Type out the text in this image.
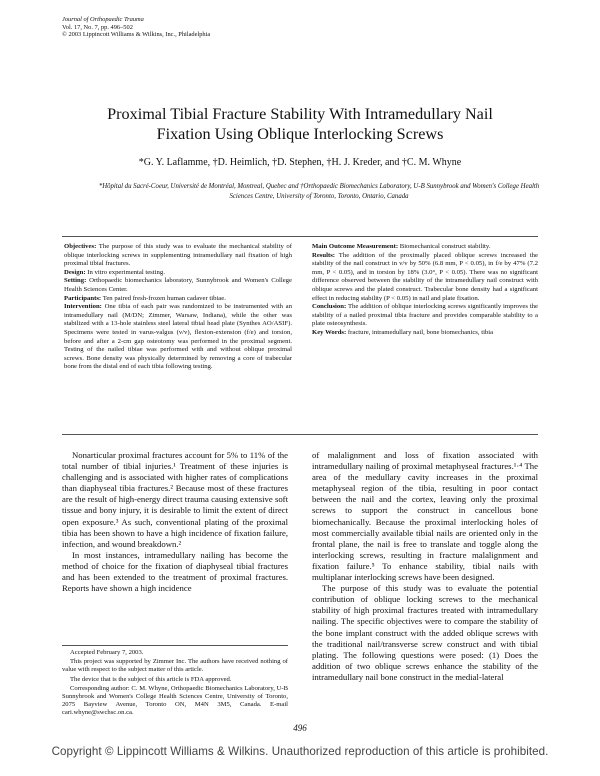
Journal of Orthopaedic Trauma
Vol. 17, No. 7, pp. 496–502
© 2003 Lippincott Williams & Wilkins, Inc., Philadelphia
Proximal Tibial Fracture Stability With Intramedullary Nail
Fixation Using Oblique Interlocking Screws
*G. Y. Laflamme, †D. Heimlich, †D. Stephen, †H. J. Kreder, and †C. M. Whyne
*Hôpital du Sacré-Coeur, Université de Montréal, Montreal, Quebec and †Orthopaedic Biomechanics Laboratory, U-B Sunnybrook and Women's College Health Sciences Centre, University of Toronto, Toronto, Ontario, Canada

Objectives: The purpose of this study was to evaluate the mechanical stability of oblique interlocking screws in supplementing intramedullary nail fixation of high proximal tibial fractures.

Design: In vitro experimental testing.

Setting: Orthopaedic biomechanics laboratory, Sunnybrook and Women's College Health Sciences Center.

Participants: Ten paired fresh-frozen human cadaver tibiae.

Intervention: One tibia of each pair was randomized to be instrumented with an intramedullary nail (M/DN; Zimmer, Warsaw, Indiana), while the other was stabilized with a 13-hole stainless steel lateral tibial head plate (Synthes AO/ASIF). Specimens were tested in varus-valgus (v/v), flexion-extension (f/e) and torsion, before and after a 2-cm gap osteotomy was performed in the proximal segment. Testing of the nailed tibiae was performed with and without oblique proximal screws. Bone density was physically determined by removing a core of trabecular bone from the distal end of each tibia following testing.

Main Outcome Measurement: Biomechanical construct stability.

Results: The addition of the proximally placed oblique screws increased the stability of the nail construct in v/v by 50% (6.8 mm, P < 0.05), in f/e by 47% (7.2 mm, P < 0.05), and in torsion by 18% (3.0°, P < 0.05). There was no significant difference observed between the stability of the intramedullary nail construct with oblique screws and the plated construct. Trabecular bone density had a significant effect in reducing stability (P < 0.05) in nail and plate fixation.

Conclusion: The addition of oblique interlocking screws significantly improves the stability of a nailed proximal tibia fracture and provides comparable stability to a plate osteosynthesis.

Key Words: fracture, intramedullary nail, bone biomechanics, tibia

Nonarticular proximal fractures account for 5% to 11% of the total number of tibial injuries.¹ Treatment of these injuries is challenging and is associated with higher rates of complications than diaphyseal tibia fractures.² Because most of these fractures are the result of high-energy direct trauma causing extensive soft tissue and bony injury, it is desirable to limit the extent of direct open exposure.³ As such, conventional plating of the proximal tibia has been shown to have a high incidence of fixation failure, infection, and wound breakdown.²

In most instances, intramedullary nailing has become the method of choice for the fixation of diaphyseal tibial fractures and has been extended to the treatment of proximal fractures. Reports have shown a high incidence

of malalignment and loss of fixation associated with intramedullary nailing of proximal metaphyseal fractures.¹·⁴ The area of the medullary cavity increases in the proximal metaphyseal region of the tibia, resulting in poor contact between the nail and the cortex, leaving only the proximal screws to support the construct in cancellous bone biomechanically. Because the proximal interlocking holes of most commercially available tibial nails are oriented only in the frontal plane, the nail is free to translate and toggle along the interlocking screws, resulting in fracture malalignment and fixation failure.⁵ To enhance stability, tibial nails with multiplanar interlocking screws have been designed.

The purpose of this study was to evaluate the potential contribution of oblique locking screws to the mechanical stability of high proximal fractures treated with intramedullary nailing. The specific objectives were to compare the stability of the bone implant construct with the added oblique screws with the traditional nail/transverse screw construct and with tibial plating. The following questions were posed: (1) Does the addition of two oblique screws enhance the stability of the intramedullary nail bone construct in the medial-lateral

Accepted February 7, 2003.

This project was supported by Zimmer Inc. The authors have received nothing of value with respect to the subject matter of this article.

The device that is the subject of this article is FDA approved.

Corresponding author: C. M. Whyne, Orthopaedic Biomechanics Laboratory, U-B Sunnybrook and Women's College Health Sciences Centre, University of Toronto, 2075 Bayview Avenue, Toronto ON, M4N 3M5, Canada. E-mail cari.whyne@swchsc.on.ca.

496
Copyright © Lippincott Williams & Wilkins. Unauthorized reproduction of this article is prohibited.
